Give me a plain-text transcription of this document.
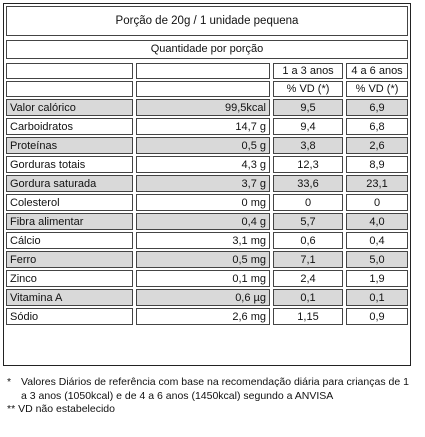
Porção de 20g / 1 unidade pequena
Quantidade por porção
		1 a 3 anos	4 a 6 anos
		% VD (*)	% VD (*)
Valor calórico	99,5kcal	9,5	6,9
Carboidratos	14,7 g	9,4	6,8
Proteínas	0,5 g	3,8	2,6
Gorduras totais	4,3 g	12,3	8,9
Gordura saturada	3,7 g	33,6	23,1
Colesterol	0 mg	0	0
Fibra alimentar	0,4 g	5,7	4,0
Cálcio	3,1 mg	0,6	0,4
Ferro	0,5 mg	7,1	5,0
Zinco	0,1 mg	2,4	1,9
Vitamina A	0,6 µg	0,1	0,1
Sódio	2,6 mg	1,15	0,9
* Valores Diários de referência com base na recomendação diária para crianças de 1 a 3 anos (1050kcal) e de 4 a 6 anos (1450kcal) segundo a ANVISA
** VD não estabelecido
